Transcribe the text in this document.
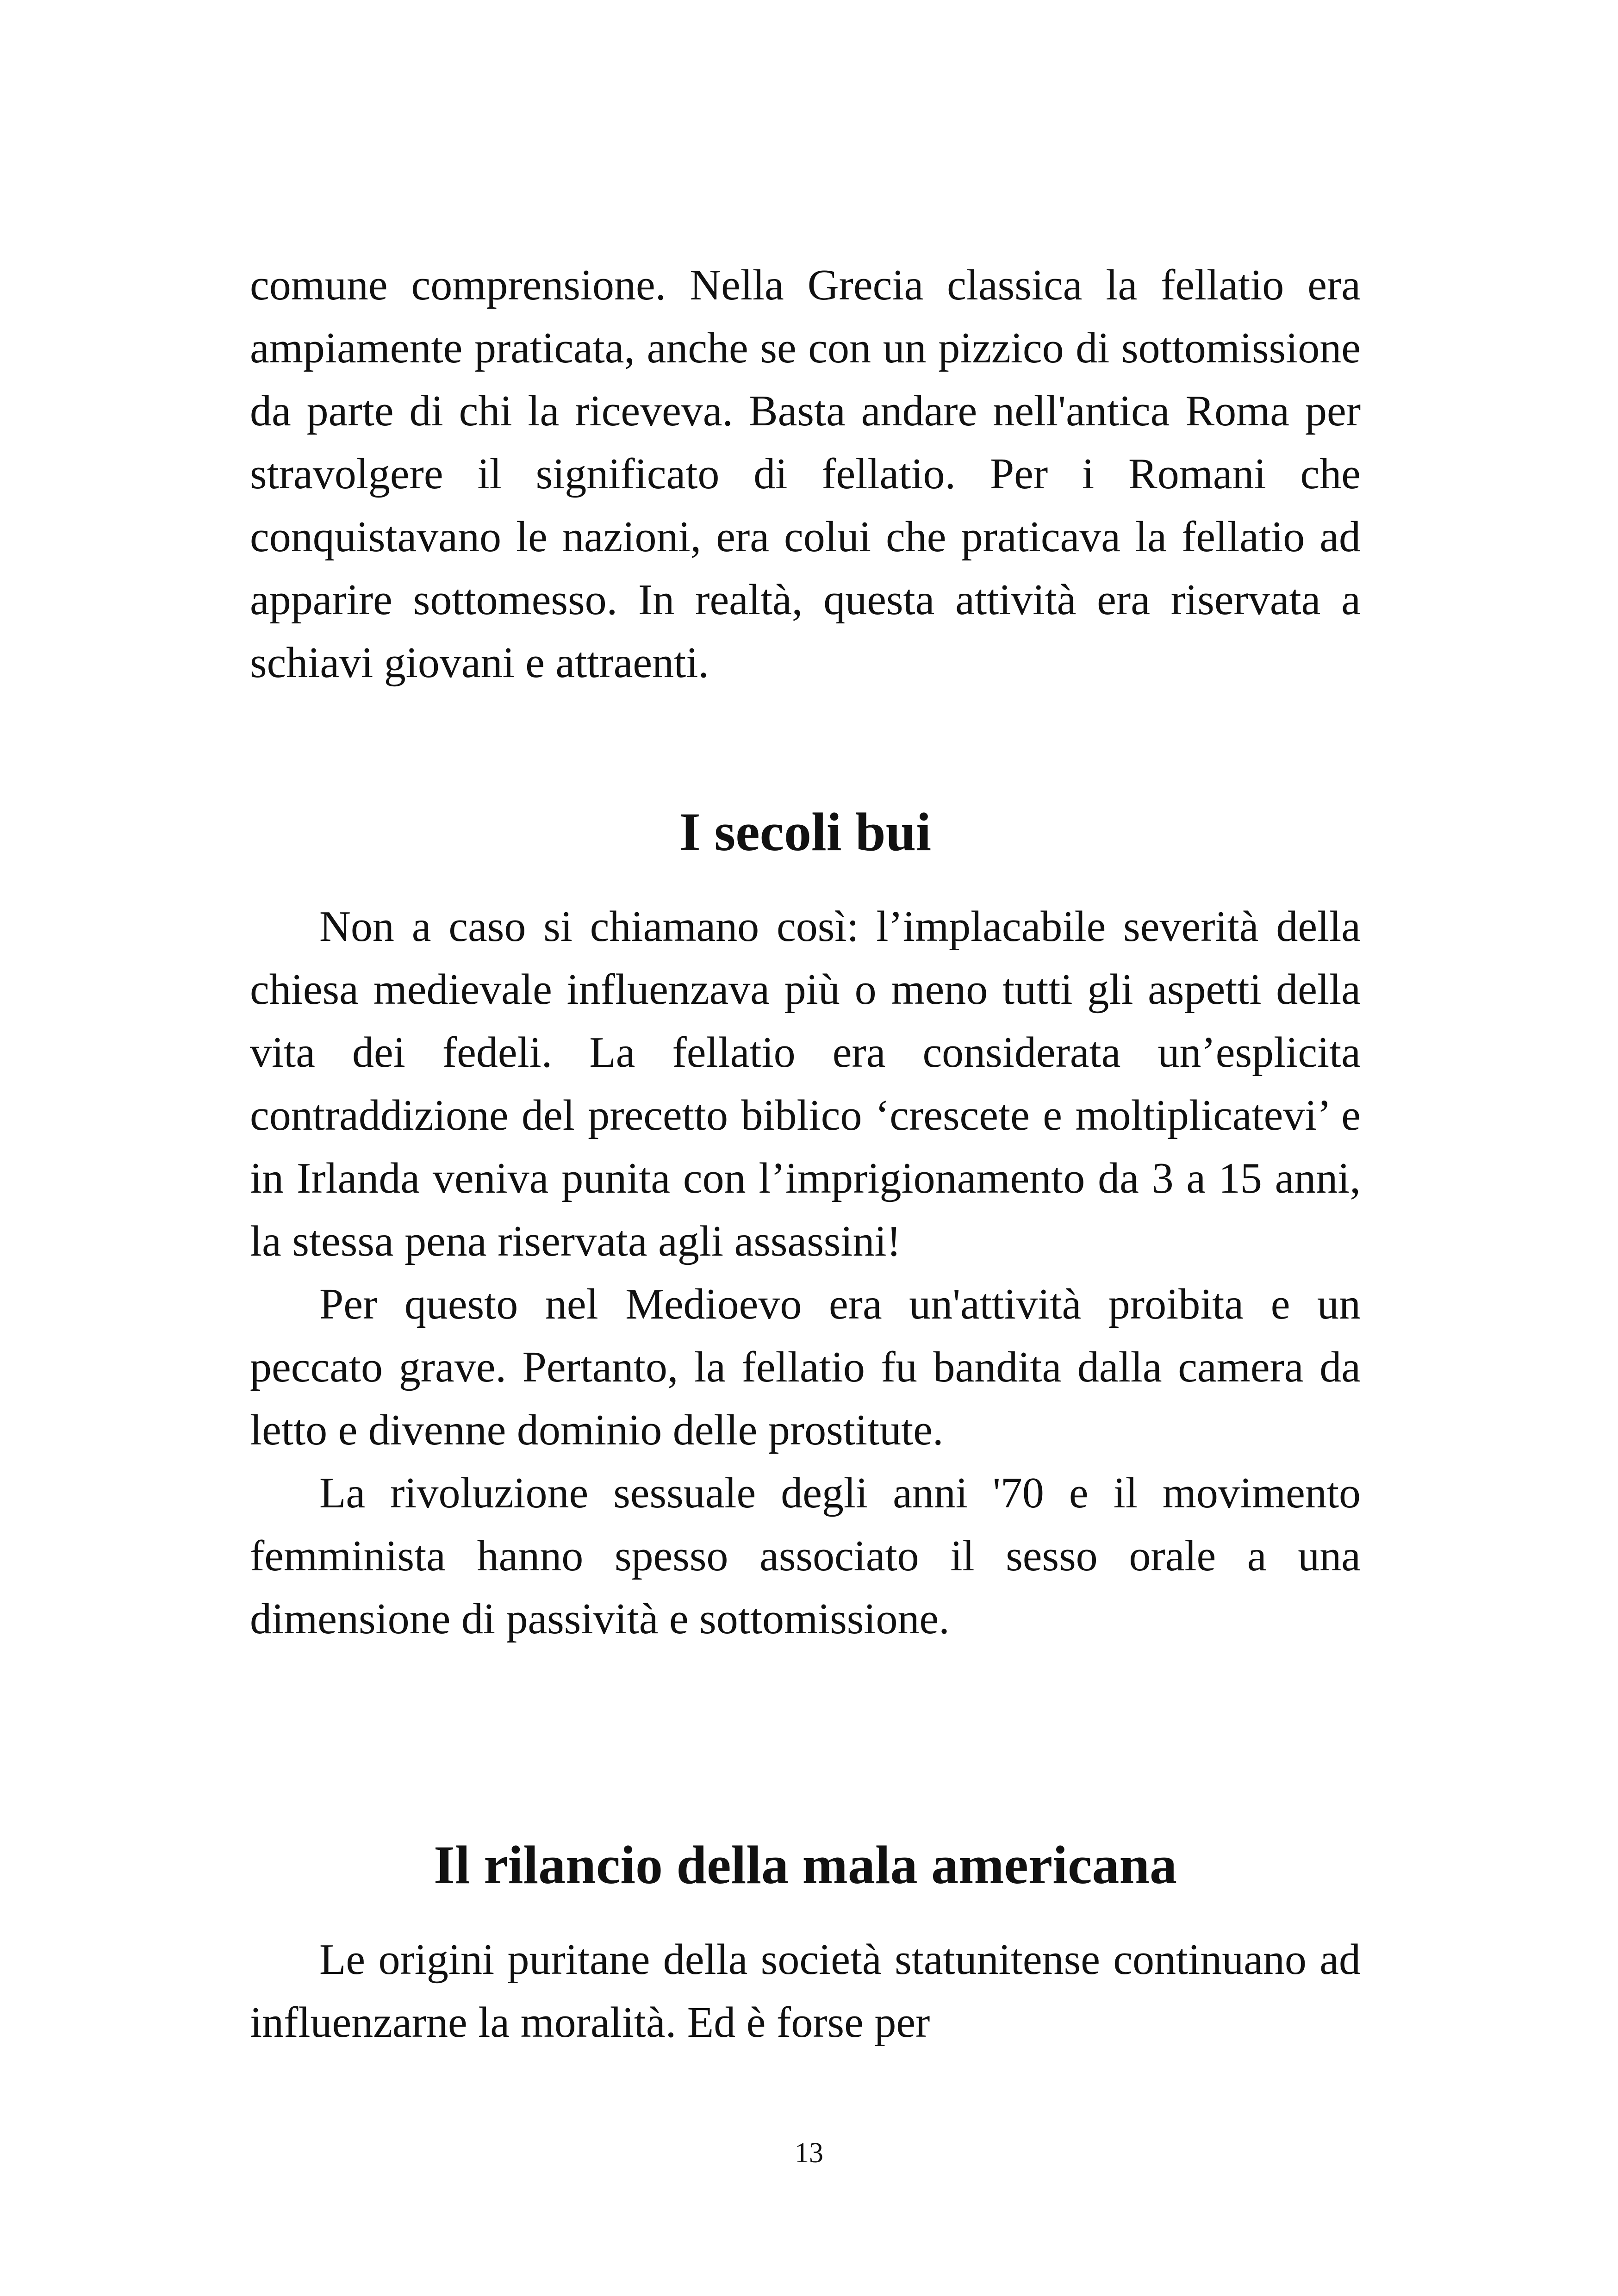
comune comprensione. Nella Grecia classica la fellatio era ampiamente praticata, anche se con un pizzico di sottomissione da parte di chi la riceveva. Basta andare nell'antica Roma per stravolgere il significato di fellatio. Per i Romani che conquistavano le nazioni, era colui che praticava la fellatio ad apparire sottomesso. In realtà, questa attività era riservata a schiavi giovani e attraenti.

I secoli bui

Non a caso si chiamano così: l’implacabile severità della chiesa medievale influenzava più o meno tutti gli aspetti della vita dei fedeli. La fellatio era considerata un’esplicita contraddizione del precetto biblico ‘crescete e moltiplicatevi’ e in Irlanda veniva punita con l’imprigionamento da 3 a 15 anni, la stessa pena riservata agli assassini!

Per questo nel Medioevo era un'attività proibita e un peccato grave. Pertanto, la fellatio fu bandita dalla camera da letto e divenne dominio delle prostitute.

La rivoluzione sessuale degli anni '70 e il movimento femminista hanno spesso associato il sesso orale a una dimensione di passività e sottomissione.

Il rilancio della mala americana

Le origini puritane della società statunitense continuano ad influenzarne la moralità. Ed è forse per

13
